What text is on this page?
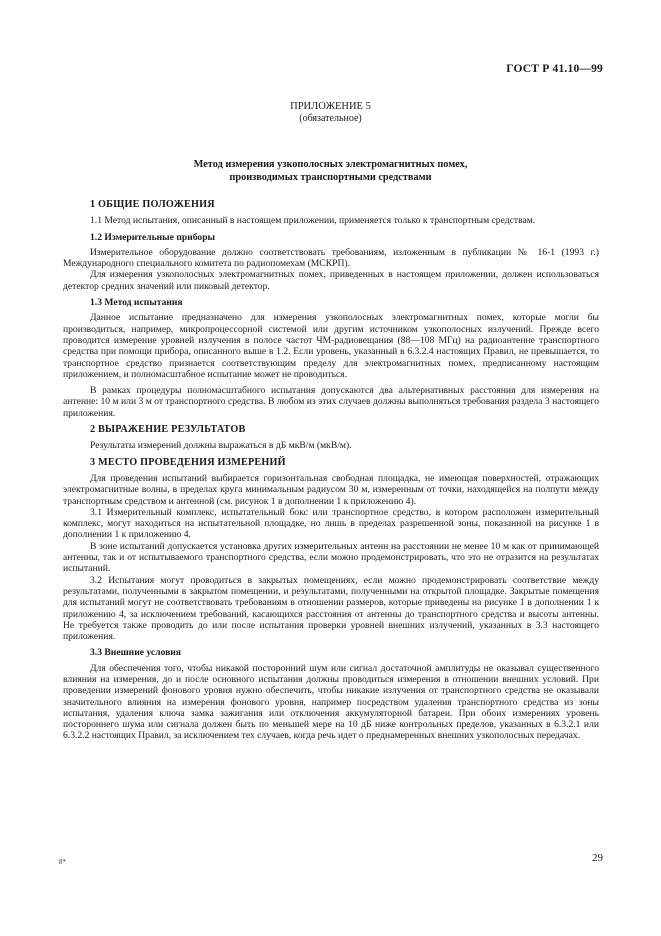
ГОСТ Р 41.10—99
ПРИЛОЖЕНИЕ 5
(обязательное)
Метод измерения узкополосных электромагнитных помех,
производимых транспортными средствами
1 ОБЩИЕ ПОЛОЖЕНИЯ

1.1 Метод испытания, описанный в настоящем приложении, применяется только к транспортным средствам.

1.2 Измерительные приборы

Измерительное оборудование должно соответствовать требованиям, изложенным в публикации № 16-1 (1993 г.) Международного специального комитета по радиопомехам (МСКРП).

Для измерения узкополосных электромагнитных помех, приведенных в настоящем приложении, должен использоваться детектор средних значений или пиковый детектор.

1.3 Метод испытания

Данное испытание предназначено для измерения узкополосных электромагнитных помех, которые могли бы производиться, например, микропроцессорной системой или другим источником узкополосных излучений. Прежде всего проводится измерение уровней излучения в полосе частот ЧМ-радиовещания (88—108 МГц) на радиоантенне транспортного средства при помощи прибора, описанного выше в 1.2. Если уровень, указанный в 6.3.2.4 настоящих Правил, не превышается, то транспортное средство признается соответствующим пределу для электромагнитных помех, предписанному настоящим приложением, и полномасштабное испытание может не проводиться.

В рамках процедуры полномасштабного испытания допускаются два альтернативных расстояния для измерения на антенне: 10 м или 3 м от транспортного средства. В любом из этих случаев должны выполняться требования раздела 3 настоящего приложения.

2 ВЫРАЖЕНИЕ РЕЗУЛЬТАТОВ

Результаты измерений должны выражаться в дБ мкВ/м (мкВ/м).

3 МЕСТО ПРОВЕДЕНИЯ ИЗМЕРЕНИЙ

Для проведения испытаний выбирается горизонтальная свободная площадка, не имеющая поверхностей, отражающих электромагнитные волны, в пределах круга минимальным радиусом 30 м, измеренным от точки, находящейся на полпути между транспортным средством и антенной (см. рисунок 1 в дополнении 1 к приложению 4).

3.1 Измерительный комплекс, испытательный бокс или транспортное средство, в котором расположен измерительный комплекс, могут находиться на испытательной площадке, но лишь в пределах разрешенной зоны, показанной на рисунке 1 в дополнении 1 к приложению 4.

В зоне испытаний допускается установка других измерительных антенн на расстоянии не менее 10 м как от принимающей антенны, так и от испытываемого транспортного средства, если можно продемонстрировать, что это не отразится на результатах испытаний.

3.2 Испытания могут проводиться в закрытых помещениях, если можно продемонстрировать соответствие между результатами, полученными в закрытом помещении, и результатами, полученными на открытой площадке. Закрытые помещения для испытаний могут не соответствовать требованиям в отношении размеров, которые приведены на рисунке 1 в дополнении 1 к приложению 4, за исключением требований, касающихся расстояния от антенны до транспортного средства и высоты антенны. Не требуется также проводить до или после испытания проверки уровней внешних излучений, указанных в 3.3 настоящего приложения.

3.3 Внешние условия

Для обеспечения того, чтобы никакой посторонний шум или сигнал достаточной амплитуды не оказывал существенного влияния на измерения, до и после основного испытания должны проводиться измерения в отношении внешних условий. При проведении измерений фонового уровня нужно обеспечить, чтобы никакие излучения от транспортного средства не оказывали значительного влияния на измерения фонового уровня, например посредством удаления транспортного средства из зоны испытания, удаления ключа замка зажигания или отключения аккумуляторной батареи. При обоих измерениях уровень постороннего шума или сигнала должен быть по меньшей мере на 10 дБ ниже контрольных пределов, указанных в 6.3.2.1 или 6.3.2.2 настоящих Правил, за исключением тех случаев, когда речь идет о преднамеренных внешних узкополосных передачах.

8*	29
